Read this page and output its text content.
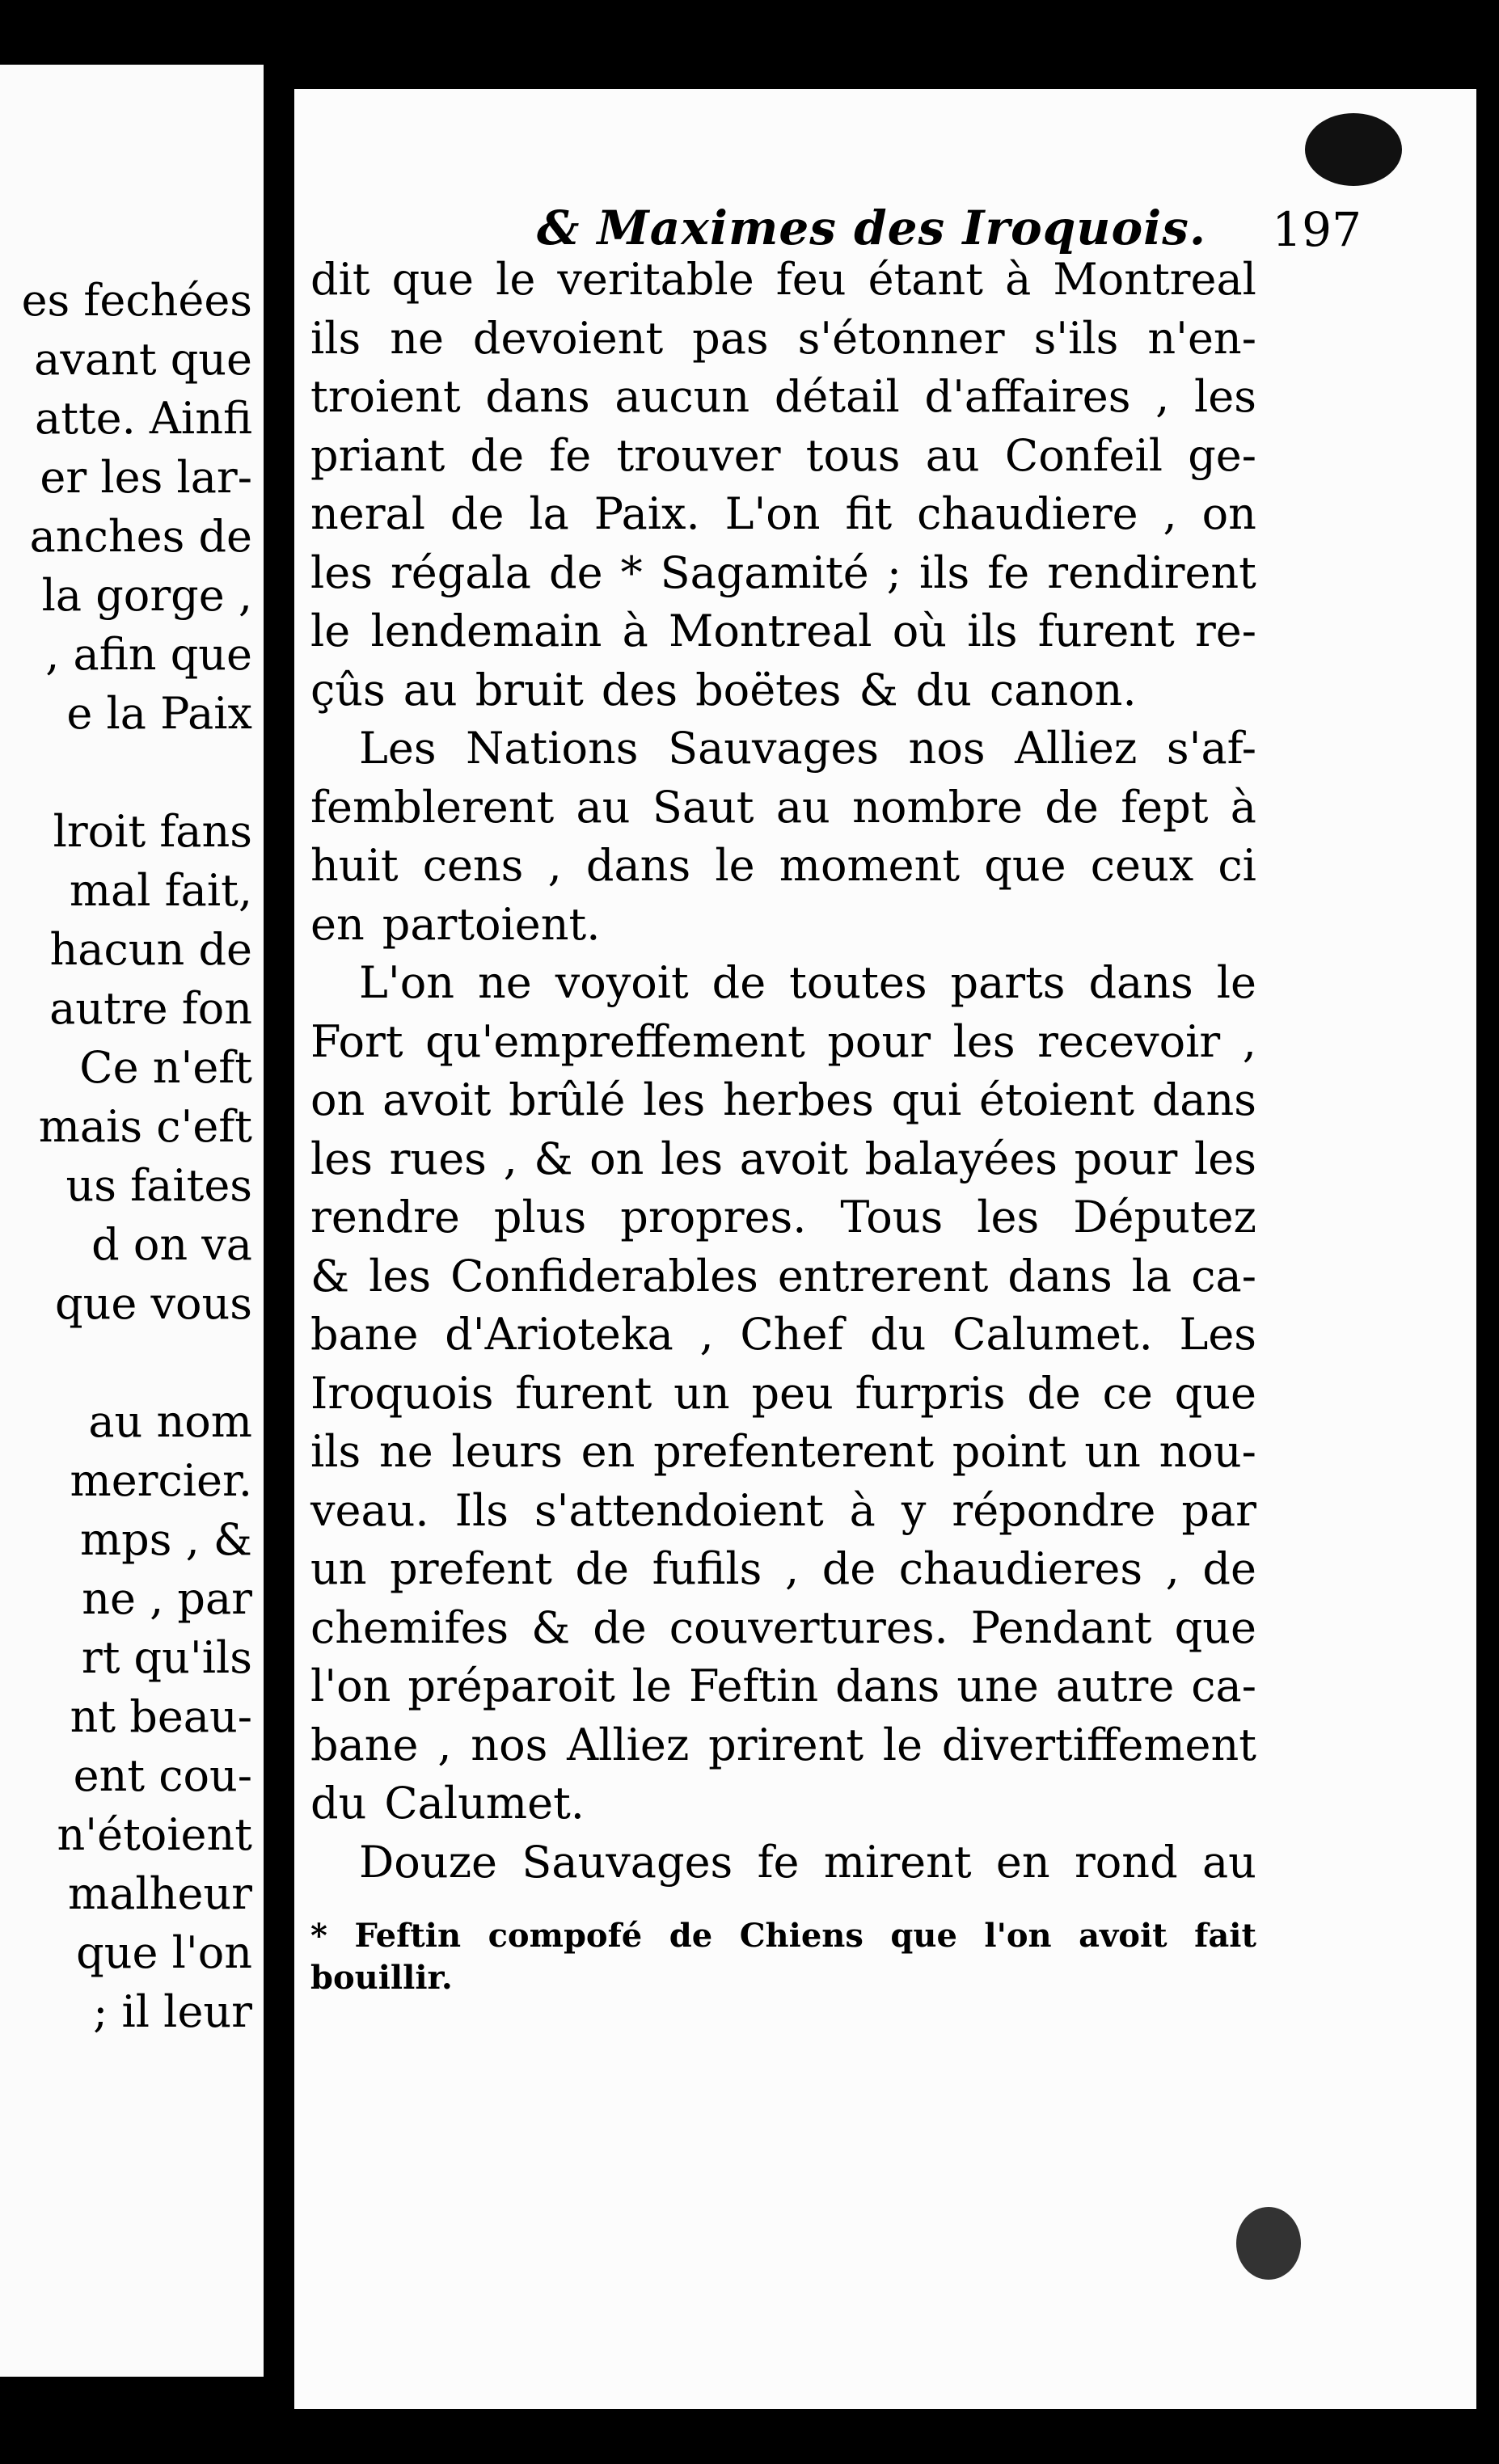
es fechées
avant que
atte. Ainfi
er les lar-
anches de
la gorge ,
, afin que
e la Paix
lroit fans
mal fait,
hacun de
autre fon
Ce n'eft
mais c'eft
us faites
d on va
que vous
au nom
mercier.
mps , &
ne , par
rt qu'ils
nt beau-
ent cou-
n'étoient
malheur
que l'on
; il leur
& Maximes des Iroquois. 197
dit que le veritable feu étant à Montreal
ils ne devoient pas s'étonner s'ils n'en-
troient dans aucun détail d'affaires , les
priant de fe trouver tous au Confeil ge-
neral de la Paix. L'on fit chaudiere , on
les régala de * Sagamité ; ils fe rendirent
le lendemain à Montreal où ils furent re-
çûs au bruit des boëtes & du canon.
Les Nations Sauvages nos Alliez s'af-
femblerent au Saut au nombre de fept à
huit cens , dans le moment que ceux ci
en partoient.
L'on ne voyoit de toutes parts dans le
Fort qu'empreffement pour les recevoir ,
on avoit brûlé les herbes qui étoient dans
les rues , & on les avoit balayées pour les
rendre plus propres. Tous les Députez
& les Confiderables entrerent dans la ca-
bane d'Arioteka , Chef du Calumet. Les
Iroquois furent un peu furpris de ce que
ils ne leurs en prefenterent point un nou-
veau. Ils s'attendoient à y répondre par
un prefent de fufils , de chaudieres , de
chemifes & de couvertures. Pendant que
l'on préparoit le Feftin dans une autre ca-
bane , nos Alliez prirent le divertiffement
du Calumet.
Douze Sauvages fe mirent en rond au
* Feftin compofé de Chiens que l'on avoit fait
bouillir.
